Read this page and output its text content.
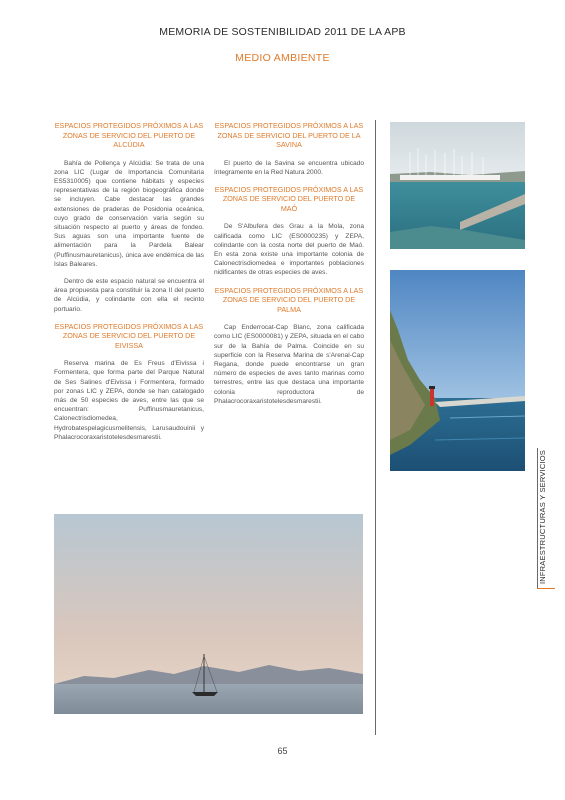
MEMORIA DE SOSTENIBILIDAD 2011 DE LA APB
MEDIO AMBIENTE
ESPACIOS PROTEGIDOS PRÓXIMOS A LAS ZONAS DE SERVICIO DEL PUERTO DE ALCÚDIA

Bahía de Pollença y Alcúdia: Se trata de una zona LIC (Lugar de Importancia Comunitaria ES5310005) que contiene hábitats y especies representativas de la región biogeográfica donde se incluyen. Cabe destacar las grandes extensiones de praderas de Posidonia oceánica, cuyo grado de conservación varía según su situación respecto al puerto y áreas de fondeo. Sus aguas son una importante fuente de alimentación para la Pardela Balear (Puffinusmauretanicus), única ave endémica de las Islas Baleares.

Dentro de este espacio natural se encuentra el área propuesta para constituir la zona II del puerto de Alcúdia, y colindante con ella el recinto portuario.

ESPACIOS PROTEGIDOS PRÓXIMOS A LAS ZONAS DE SERVICIO DEL PUERTO DE EIVISSA

Reserva marina de Es Freus d'Eivissa i Formentera, que forma parte del Parque Natural de Ses Salines d'Eivissa i Formentera, formado por zonas LIC y ZEPA, donde se han catalogado más de 50 especies de aves, entre las que se encuentran: Puffinusmauretanicus, Calonectrisdiomedea, Hydrobatespelagicusmelitensis, Larusaudouinii y Phalacrocoraxaristotelesdesmarestii.

ESPACIOS PROTEGIDOS PRÓXIMOS A LAS ZONAS DE SERVICIO DEL PUERTO DE LA SAVINA

El puerto de la Savina se encuentra ubicado íntegramente en la Red Natura 2000.

ESPACIOS PROTEGIDOS PRÓXIMOS A LAS ZONAS DE SERVICIO DEL PUERTO DE MAÓ

De S'Albufera des Grau a la Mola, zona calificada como LIC (ES0000235) y ZEPA, colindante con la costa norte del puerto de Maó. En esta zona existe una importante colonia de Calonectrisdiomedea e importantes poblaciones nidificantes de otras especies de aves.

ESPACIOS PROTEGIDOS PRÓXIMOS A LAS ZONAS DE SERVICIO DEL PUERTO DE PALMA

Cap Enderrocat-Cap Blanc, zona calificada como LIC (ES0000081) y ZEPA, situada en el cabo sur de la Bahía de Palma. Coincide en su superficie con la Reserva Marina de s'Arenal-Cap Regana, donde puede encontrarse un gran número de especies de aves tanto marinas como terrestres, entre las que destaca una importante colonia reproductora de Phalacrocoraxaristotelesdesmarestii.

INFRAESTRUCTURAS Y SERVICIOS
65
